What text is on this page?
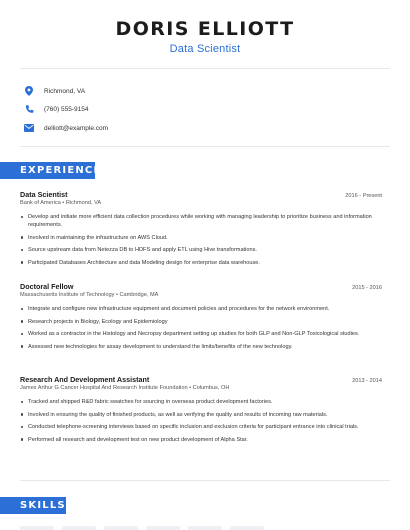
DORIS ELLIOTT
Data Scientist
Richmond, VA
(760) 555-9154
delliott@example.com
EXPERIENCE
Data Scientist	2016 - Present
Bank of America • Richmond, VA
Develop and initiate more efficient data collection procedures while working with managing leadership to prioritize business and information requirements.
Involved in maintaining the infrastructure on AWS Cloud.
Source upstream data from Netezza DB to HDFS and apply ETL using Hive transformations.
Participated Databases Architecture and data Modeling design for enterprise data warehouse.
Doctoral Fellow	2015 - 2016
Massachusetts Institute of Technology • Cambridge, MA
Integrate and configure new infrastructure equipment and document policies and procedures for the network environment.
Research projects in Biology, Ecology and Epidemiology
Worked as a contractor in the Histology and Necropsy department setting up studies for both GLP and Non-GLP Toxicological studies.
Assessed new technologies for assay development to understand the limits/benefits of the new technology.
Research And Development Assistant	2013 - 2014
James Arthur G Cancer Hospital And Research Institute Foundation • Columbus, OH
Tracked and shipped R&D fabric swatches for sourcing in overseas product development factories.
Involved in ensuring the quality of finished products, as well as verifying the quality and results of incoming raw materials.
Conducted telephone-screening interviews based on specific inclusion and exclusion criteria for participant entrance into clinical trials.
Performed all research and development test on new product development of Alpha Star.
SKILLS
